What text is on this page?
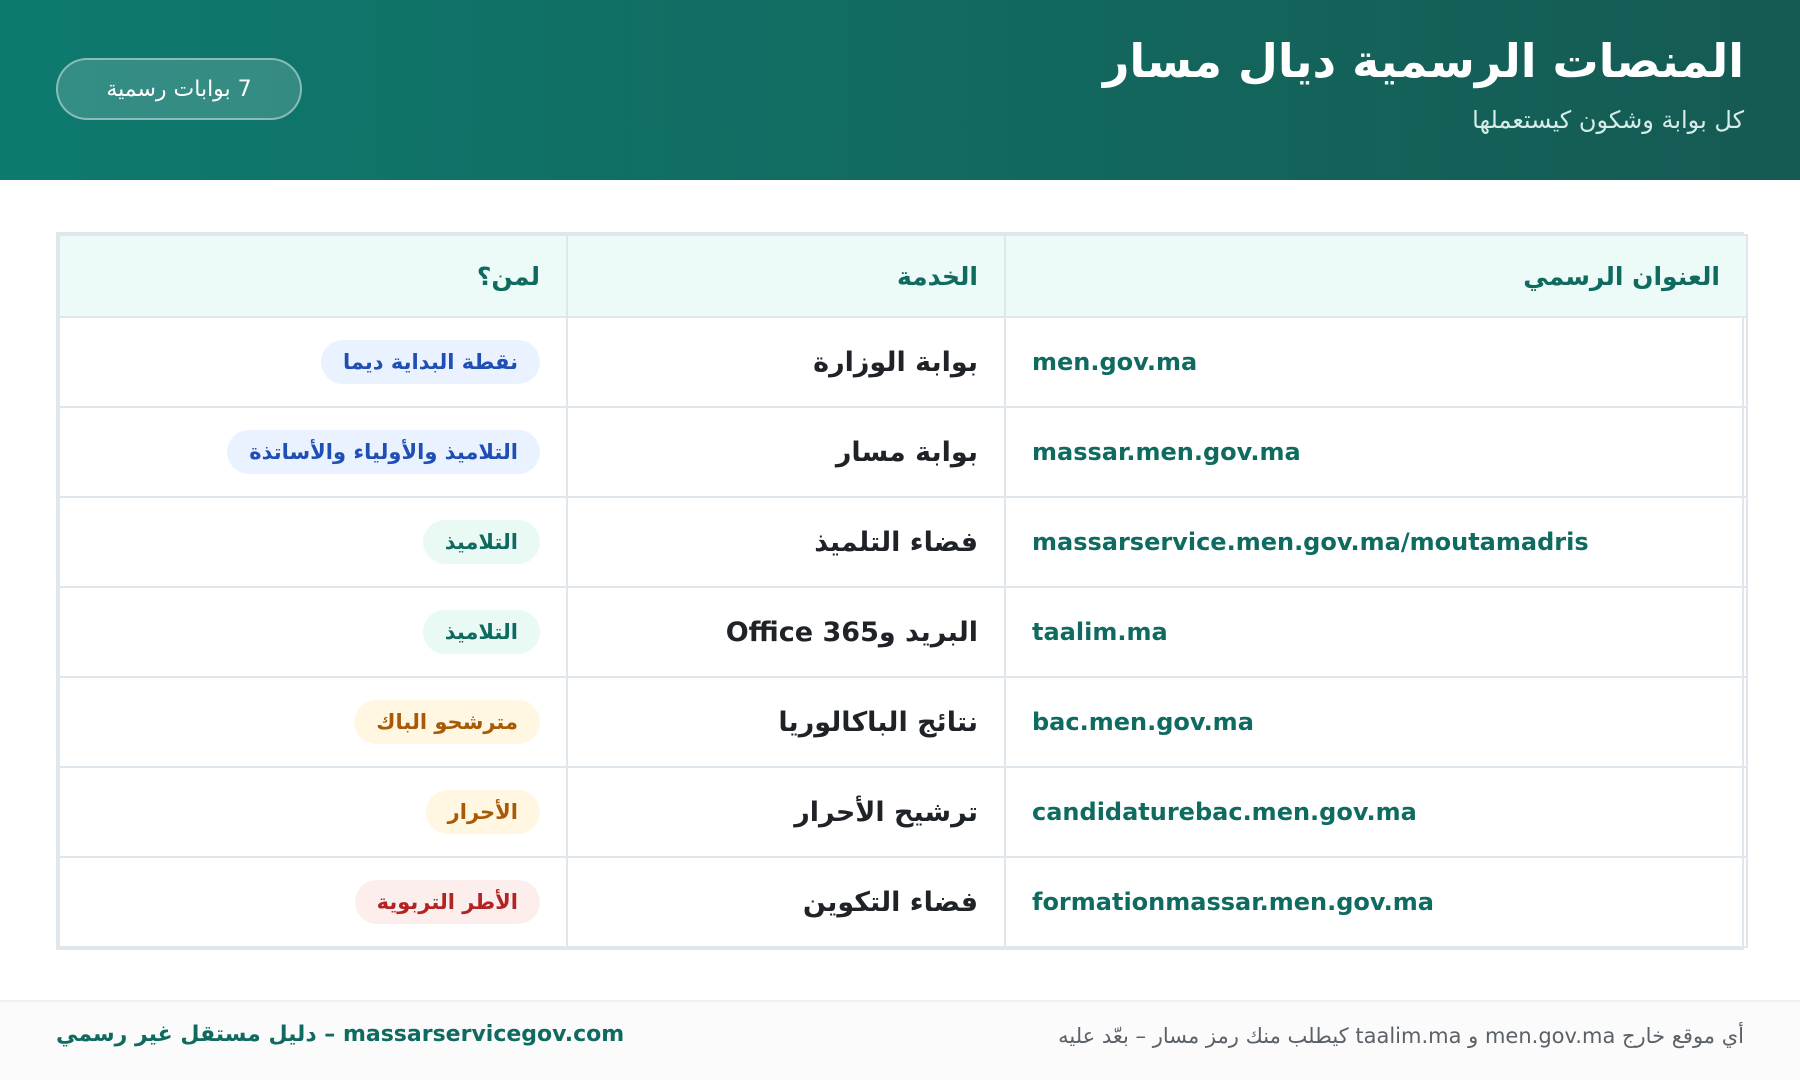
المنصات الرسمية ديال مسار
كل بوابة وشكون كيستعملها
7 بوابات رسمية
العنوان الرسمي	الخدمة	لمن؟
men.gov.ma	بوابة الوزارة	نقطة البداية ديما
massar.men.gov.ma	بوابة مسار	التلاميذ والأولياء والأساتذة
massarservice.men.gov.ma/moutamadris	فضاء التلميذ	التلاميذ
taalim.ma	البريد وOffice 365	التلاميذ
bac.men.gov.ma	نتائج الباكالوريا	مترشحو الباك
candidaturebac.men.gov.ma	ترشيح الأحرار	الأحرار
formationmassar.men.gov.ma	فضاء التكوين	الأطر التربوية
أي موقع خارج men.gov.ma و taalim.ma كيطلب منك رمز مسار – بعّد عليه
massarservicegov.com – دليل مستقل غير رسمي
